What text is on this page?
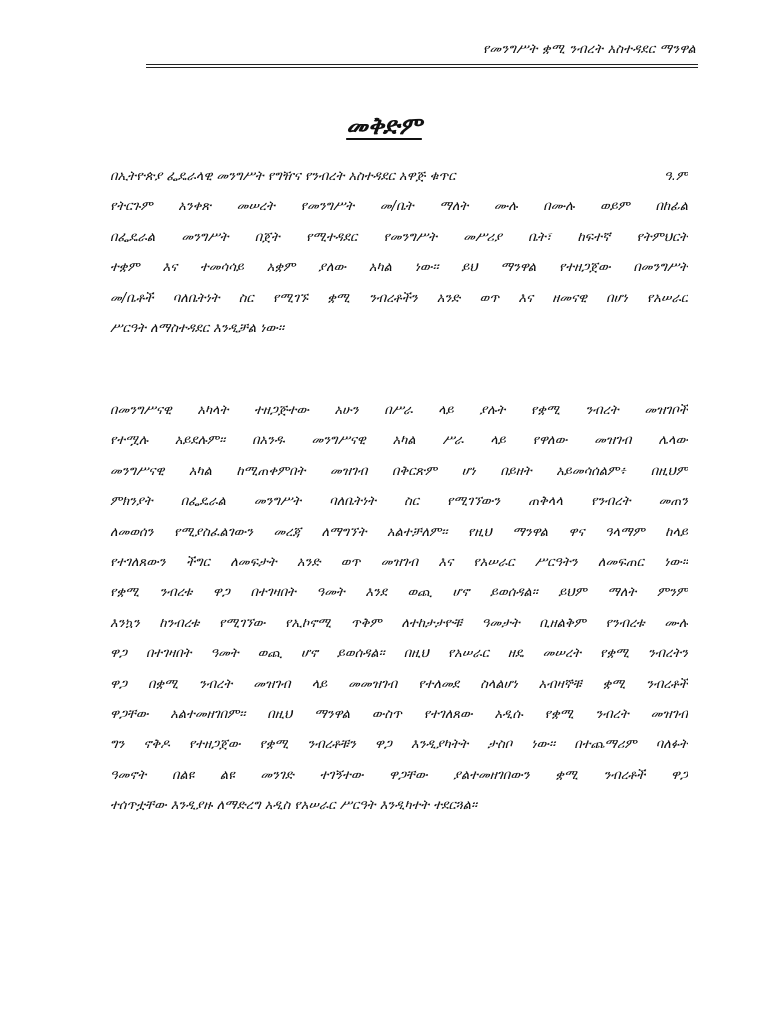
የመንግሥት ቋሚ ንብረት አስተዳደር ማንዋል
መቅድም
በኢትዮጵያ ፌዴራላዊ መንግሥት የግዥና የንብረት አስተዳደር አዋጅ ቁጥር	ዓ.ም
የትርጉም አንቀጽ መሠረት የመንግሥት መ/ቤት ማለት ሙሉ በሙሉ ወይም በከፊል
በፌዴራል መንግሥት በጀት የሚተዳደር የመንግሥት መሥሪያ ቤት፣ ከፍተኛ የትምህርት
ተቋም እና ተመሳሳይ አቋም ያለው አካል ነው፡፡ ይህ ማንዋል የተዘጋጀው በመንግሥት
መ/ቤቶች ባለቤትነት ስር የሚገኙ ቋሚ ንብረቶችን አንድ ወጥ እና ዘመናዊ በሆነ የአሠራር
ሥርዓት ለማስተዳደር እንዲቻል ነው፡፡
በመንግሥናዊ አካላት ተዘጋጅተው አሁን በሥራ ላይ ያሉት የቋሚ ንብረት መዝገቦች
የተሟሉ አይደሉም፡፡ በአንዱ መንግሥናዊ አካል ሥራ ላይ የዋለው መዝገብ ሌላው
መንግሥናዊ አካል ከሚጠቀምበት መዝገብ በቅርጽም ሆነ በይዘት አይመሳሰልም፥ በዚህም
ምክንያት በፌዴራል መንግሥት ባለቤትነት ስር የሚገኘውን ጠቅላላ የንብረት መጠን
ለመወሰን የሚያስፈልገውን መረጃ ለማግኘት አልተቻለም፡፡ የዚህ ማንዋል ዋና ዓላማም ከላይ
የተገለጸውን ችግር ለመፍታት አንድ ወጥ መዝገብ እና የአሠራር ሥርዓትን ለመፍጠር ነው፡፡
የቋሚ ንብረቱ ዋጋ በተገዛበት ዓመት እንደ ወጪ ሆኖ ይወሰዳል፡፡ ይህም ማለት ምንም
እንኳን ከንብረቱ የሚገኘው የኢኮኖሚ ጥቅም ለተከታታዮቹ ዓመታት ቢዘልቅም የንብረቱ ሙሉ
ዋጋ በተገዛበት ዓመት ወጪ ሆኖ ይወሰዳል፡፡ በዚህ የአሠራር ዘዴ መሠረት የቋሚ ንብረትን
ዋጋ በቋሚ ንብረት መዝገብ ላይ መመዝገብ የተለመደ ስላልሆነ አብዛኞቹ ቋሚ ንብረቶች
ዋጋቸው አልተመዘገበም፡፡ በዚህ ማንዋል ውስጥ የተገለጸው አዲሱ የቋሚ ንብረት መዝገብ
ግን ኖቅዶ የተዘጋጀው የቋሚ ንብረቶቹን ዋጋ እንዲያካትት ታስቦ ነው፡፡ በተጨማሪም ባለፉት
ዓመኖት በልዩ ልዩ መንገድ ተገኝተው ዋጋቸው ያልተመዘገበውን ቋሚ ንብረቶች ዋጋ
ተሰጥቷቸው እንዲያዙ ለማድረግ አዲስ የአሠራር ሥርዓት እንዲካተት ተደርጓል፡፡
